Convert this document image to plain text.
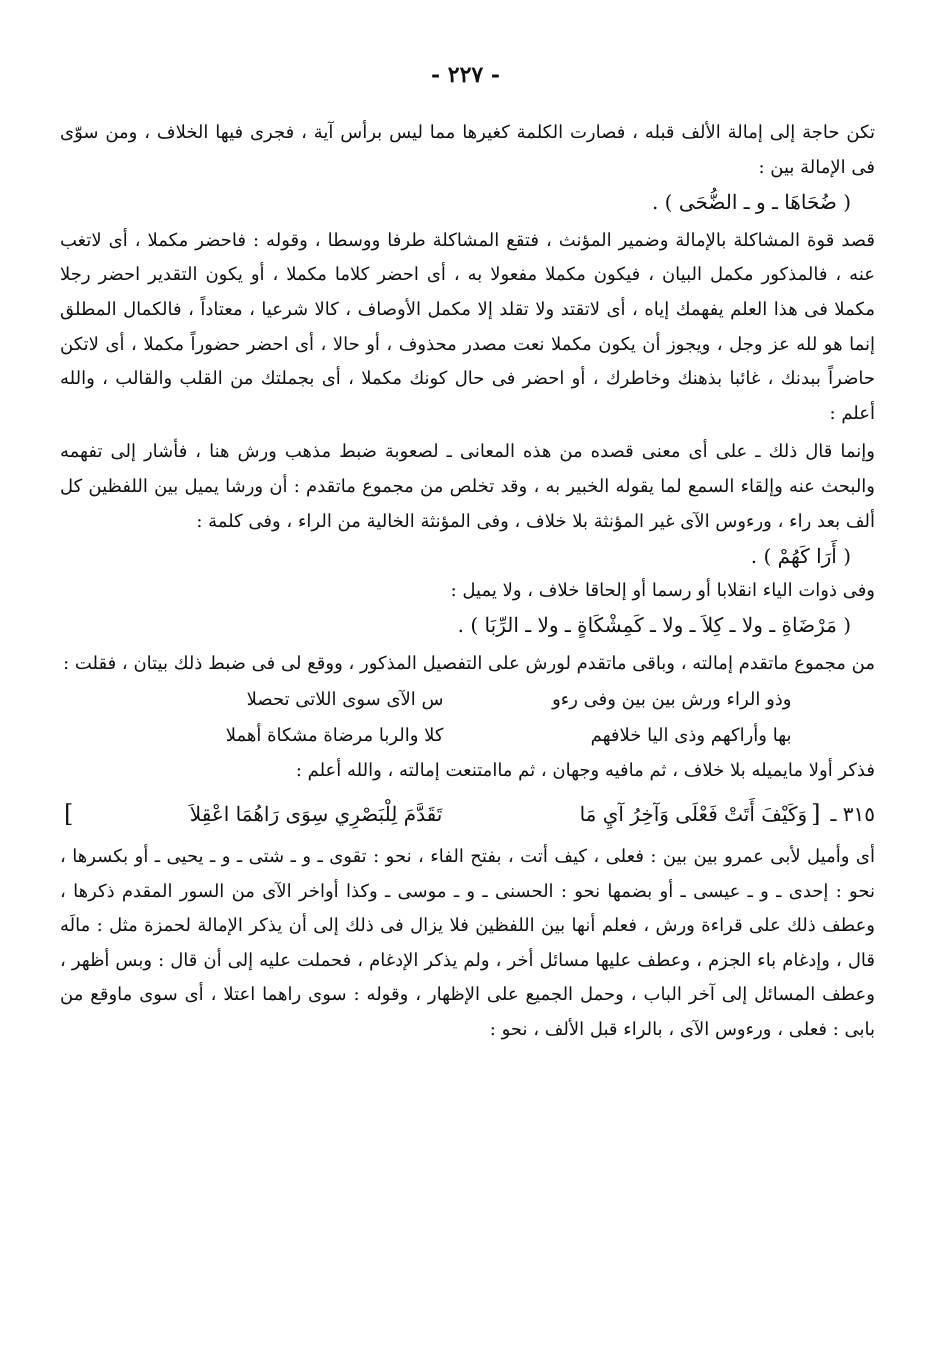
- ٢٢٧ -

تكن حاجة إلى إمالة الألف قبله ، فصارت الكلمة كغيرها مما ليس برأس آية ، فجرى فيها الخلاف ، ومن سوّى فى الإمالة بين :

( ضُحَاهَا ـ و ـ الضُّحَى ) .

قصد قوة المشاكلة بالإمالة وضمير المؤنث ، فتقع المشاكلة طرفا ووسطا ، وقوله : فاحضر مكملا ، أى لاتغب عنه ، فالمذكور مكمل البيان ، فيكون مكملا مفعولا به ، أى احضر كلاما مكملا ، أو يكون التقدير احضر رجلا مكملا فى هذا العلم يفهمك إياه ، أى لاتقتد ولا تقلد إلا مكمل الأوصاف ، كالا شرعيا ، معتاداً ، فالكمال المطلق إنما هو لله عز وجل ، ويجوز أن يكون مكملا نعت مصدر محذوف ، أو حالا ، أى احضر حضوراً مكملا ، أى لاتكن حاضراً ببدنك ، غائبا بذهنك وخاطرك ، أو احضر فى حال كونك مكملا ، أى بجملتك من القلب والقالب ، والله أعلم :

وإنما قال ذلك ـ على أى معنى قصده من هذه المعانى ـ لصعوبة ضبط مذهب ورش هنا ، فأشار إلى تفهمه والبحث عنه وإلقاء السمع لما يقوله الخبير به ، وقد تخلص من مجموع ماتقدم : أن ورشا يميل بين اللفظين كل ألف بعد راء ، ورءوس الآى غير المؤنثة بلا خلاف ، وفى المؤنثة الخالية من الراء ، وفى كلمة :

( أَرَا كَهُمْ ) .

وفى ذوات الياء انقلابا أو رسما أو إلحاقا خلاف ، ولا يميل :

( مَرْضَاةِ ـ ولا ـ كِلاَ ـ ولا ـ كَمِشْكَاةٍ ـ ولا ـ الرِّبَا ) .

من مجموع ماتقدم إمالته ، وباقى ماتقدم لورش على التفصيل المذكور ، ووقع لى فى ضبط ذلك بيتان ، فقلت :

وذو الراء ورش بين بين وفى رءو
س الآى سوى اللاتى تحصلا
بها وأراكهم وذى اليا خلافهم
كلا والربا مرضاة مشكاة أهملا

فذكر أولا مايميله بلا خلاف ، ثم مافيه وجهان ، ثم ماامتنعت إمالته ، والله أعلم :

٣١٥ ـ
[
وَكَيْفَ أَتَتْ فَعْلَى وَآخِرُ آيِ مَا
تَقَدَّمَ لِلْبَصْرِي سِوَى رَاهُمَا اعْقِلاَ
]

أى وأميل لأبى عمرو بين بين : فعلى ، كيف أتت ، بفتح الفاء ، نحو : تقوى ـ و ـ شتى ـ و ـ يحيى ـ أو بكسرها ، نحو : إحدى ـ و ـ عيسى ـ أو بضمها نحو : الحسنى ـ و ـ موسى ـ وكذا أواخر الآى من السور المقدم ذكرها ، وعطف ذلك على قراءة ورش ، فعلم أنها بين اللفظين فلا يزال فى ذلك إلى أن يذكر الإمالة لحمزة مثل : مالَه قال ، وإدغام باء الجزم ، وعطف عليها مسائل أخر ، ولم يذكر الإدغام ، فحملت عليه إلى أن قال : وبس أظهر ، وعطف المسائل إلى آخر الباب ، وحمل الجميع على الإظهار ، وقوله : سوى راهما اعتلا ، أى سوى ماوقع من بابى : فعلى ، ورءوس الآى ، بالراء قبل الألف ، نحو :
